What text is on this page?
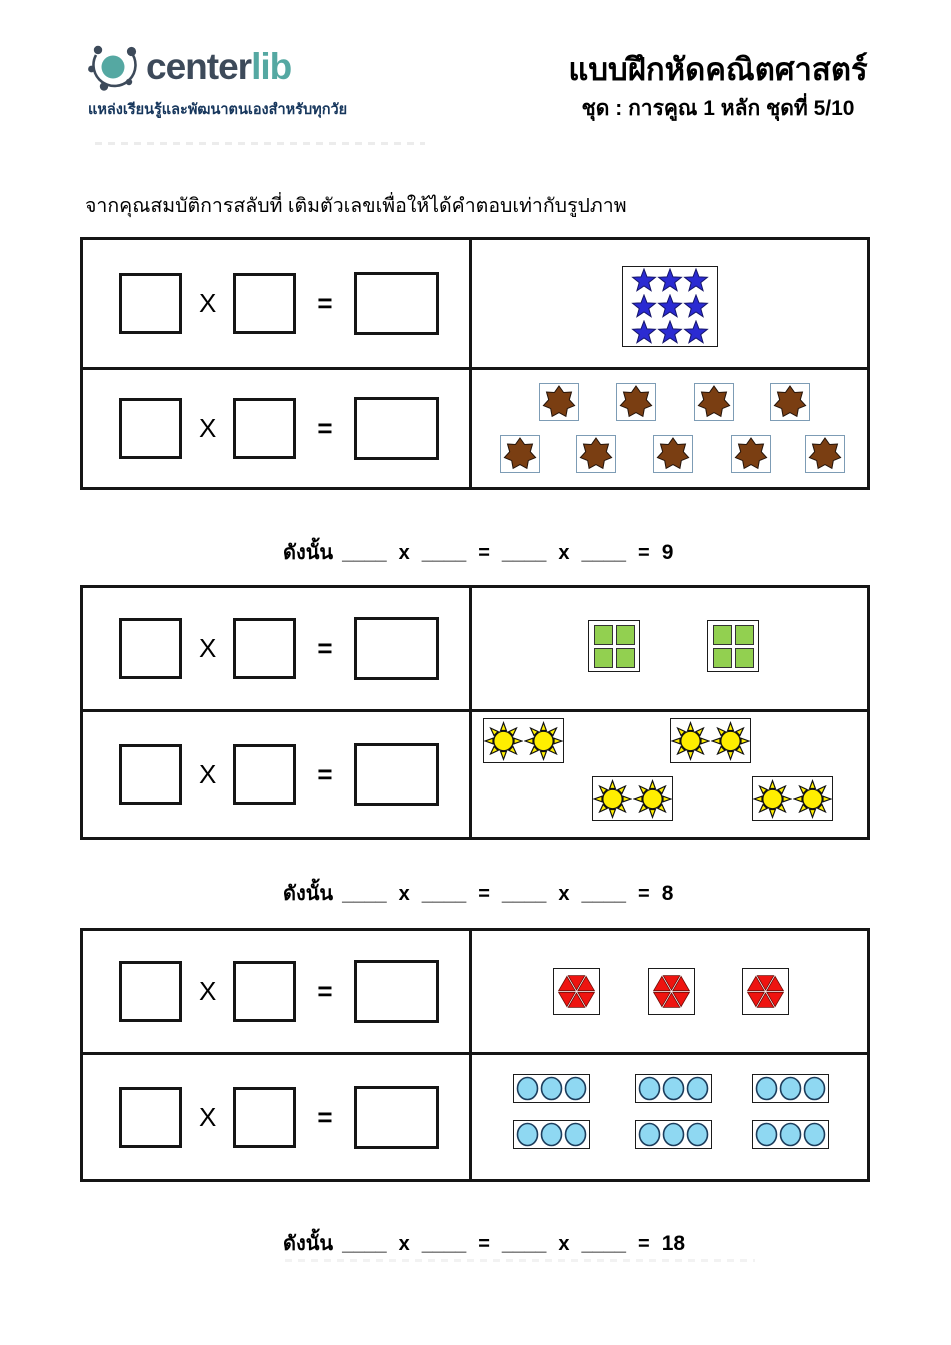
centerlib
แหล่งเรียนรู้และพัฒนาตนเองสำหรับทุกวัย
แบบฝึกหัดคณิตศาสตร์
ชุด : การคูณ 1 หลัก ชุดที่ 5/10
จากคุณสมบัติการสลับที่ เติมตัวเลขเพื่อให้ได้คำตอบเท่ากับรูปภาพ
X	=
X	=
ดังนั้น ____ x ____ = ____ x ____ = 9
X	=
X	=
ดังนั้น ____ x ____ = ____ x ____ = 8
X	=
X	=
ดังนั้น ____ x ____ = ____ x ____ = 18
